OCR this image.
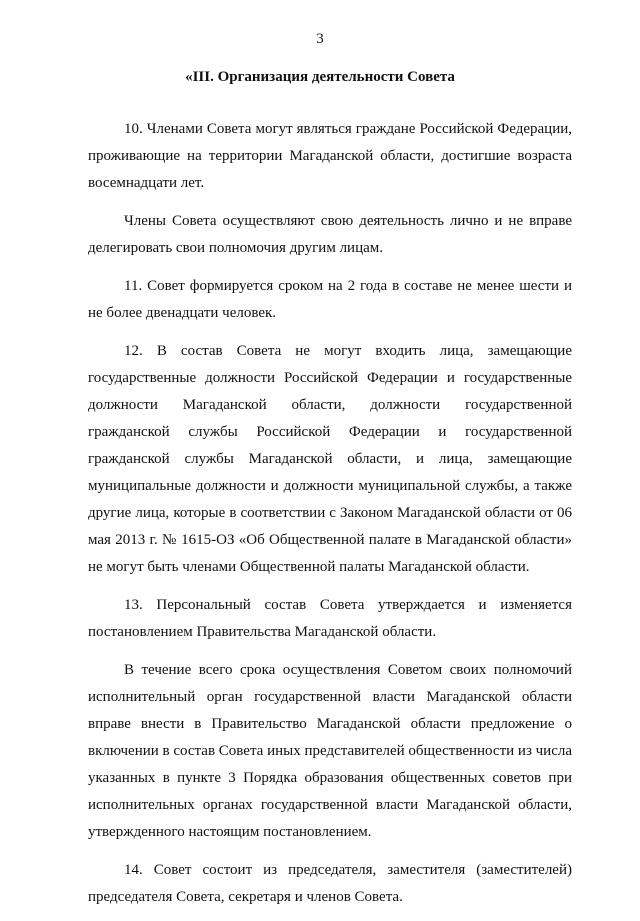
3
«III. Организация деятельности Совета

10. Членами Совета могут являться граждане Российской Федерации, проживающие на территории Магаданской области, достигшие возраста восемнадцати лет.

Члены Совета осуществляют свою деятельность лично и не вправе делегировать свои полномочия другим лицам.

11. Совет формируется сроком на 2 года в составе не менее шести и не более двенадцати человек.

12. В состав Совета не могут входить лица, замещающие государственные должности Российской Федерации и государственные должности Магаданской области, должности государственной гражданской службы Российской Федерации и государственной гражданской службы Магаданской области, и лица, замещающие муниципальные должности и должности муниципальной службы, а также другие лица, которые в соответствии с Законом Магаданской области от 06 мая 2013 г. № 1615-ОЗ «Об Общественной палате в Магаданской области» не могут быть членами Общественной палаты Магаданской области.

13. Персональный состав Совета утверждается и изменяется постановлением Правительства Магаданской области.

В течение всего срока осуществления Советом своих полномочий исполнительный орган государственной власти Магаданской области вправе внести в Правительство Магаданской области предложение о включении в состав Совета иных представителей общественности из числа указанных в пункте 3 Порядка образования общественных советов при исполнительных органах государственной власти Магаданской области, утвержденного настоящим постановлением.

14. Совет состоит из председателя, заместителя (заместителей) председателя Совета, секретаря и членов Совета.
